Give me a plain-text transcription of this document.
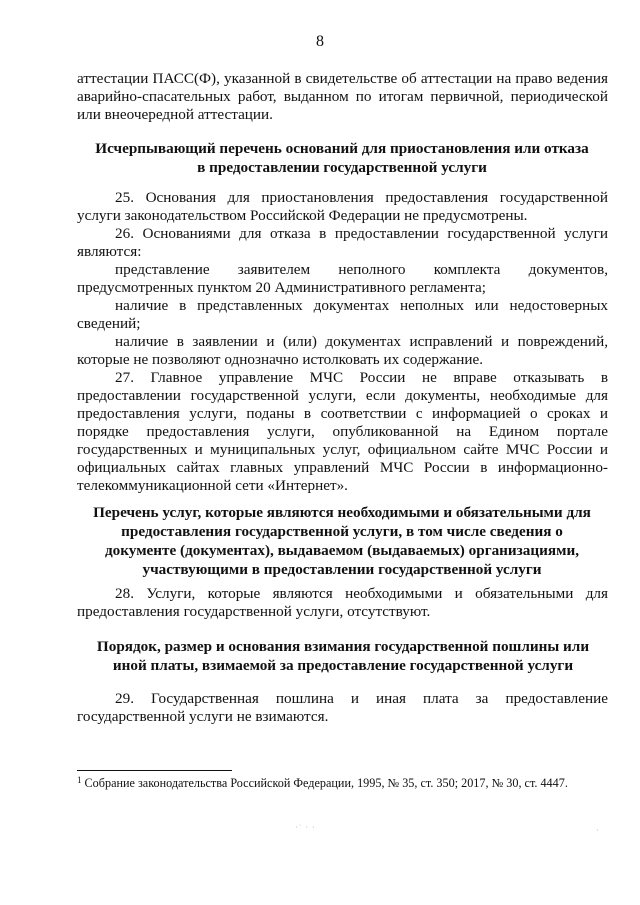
8
аттестации ПАСС(Ф), указанной в свидетельстве об аттестации на право ведения аварийно-спасательных работ, выданном по итогам первичной, периодической или внеочередной аттестации.
Исчерпывающий перечень оснований для приостановления или отказа в предоставлении государственной услуги
25. Основания для приостановления предоставления государственной услуги законодательством Российской Федерации не предусмотрены.
26. Основаниями для отказа в предоставлении государственной услуги являются:
представление заявителем неполного комплекта документов, предусмотренных пунктом 20 Административного регламента;
наличие в представленных документах неполных или недостоверных сведений;
наличие в заявлении и (или) документах исправлений и повреждений, которые не позволяют однозначно истолковать их содержание.
27. Главное управление МЧС России не вправе отказывать в предоставлении государственной услуги, если документы, необходимые для предоставления услуги, поданы в соответствии с информацией о сроках и порядке предоставления услуги, опубликованной на Едином портале государственных и муниципальных услуг, официальном сайте МЧС России и официальных сайтах главных управлений МЧС России в информационно-телекоммуникационной сети «Интернет».
Перечень услуг, которые являются необходимыми и обязательными для предоставления государственной услуги, в том числе сведения о документе (документах), выдаваемом (выдаваемых) организациями, участвующими в предоставлении государственной услуги
28. Услуги, которые являются необходимыми и обязательными для предоставления государственной услуги, отсутствуют.
Порядок, размер и основания взимания государственной пошлины или иной платы, взимаемой за предоставление государственной услуги
29. Государственная пошлина и иная плата за предоставление государственной услуги не взимаются.
$^1$ Собрание законодательства Российской Федерации, 1995, № 35, ст. 350; 2017, № 30, ст. 4447.
·˙ · ·	·
